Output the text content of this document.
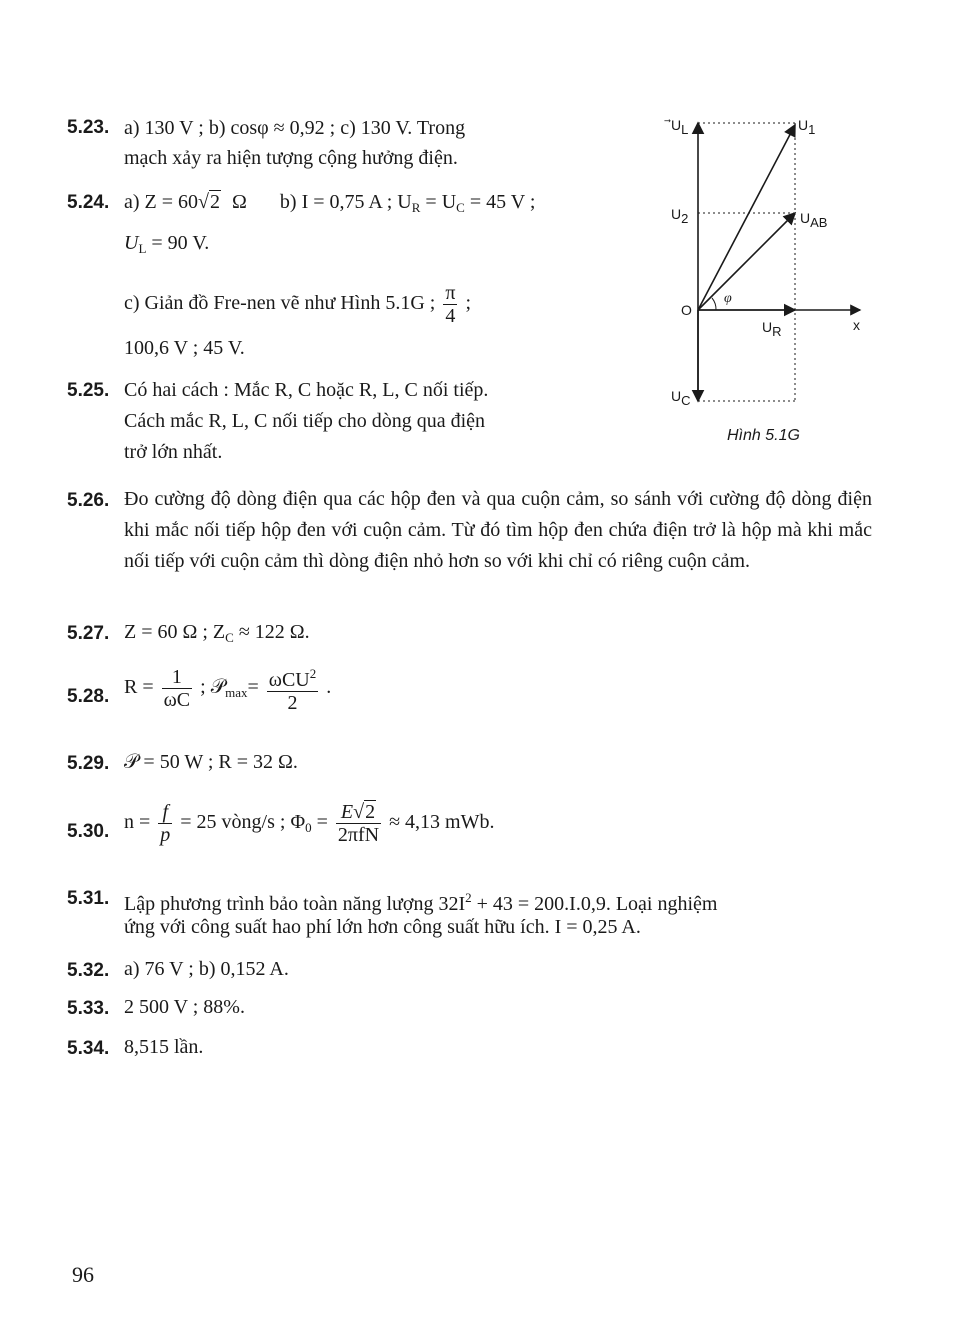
5.23. a) 130 V ; b) cosφ ≈ 0,92 ; c) 130 V. Trong
mạch xảy ra hiện tượng cộng hưởng điện.
5.24. a) Z = 60√2 Ω b) I = 0,75 A ; $U_R = U_C = 45$ V ;
$U_L = 90$ V.
c) Giản đồ Fre-nen vẽ như Hình 5.1G ; $\frac{\pi}{4}$ ;
100,6 V ; 45 V.
5.25. Có hai cách : Mắc R, C hoặc R, L, C nối tiếp.
Cách mắc R, L, C nối tiếp cho dòng qua điện
trở lớn nhất.
$U_L$	$U_1$
$U_2$	$U_{AB}$
O
φ
$U_R$	x
$U_C$
Hình 5.1G
5.26. Đo cường độ dòng điện qua các hộp đen và qua cuộn cảm, so sánh với cường độ dòng điện khi mắc nối tiếp hộp đen với cuộn cảm. Từ đó tìm hộp đen chứa điện trở là hộp mà khi mắc nối tiếp với cuộn cảm thì dòng điện nhỏ hơn so với khi chỉ có riêng cuộn cảm.
5.27. Z = 60 Ω ; $Z_C \approx 122$ Ω.
5.28. $R = \frac{1}{\omega C}$ ; 𝒫$_{max}$= $\frac{\omega CU^2}{2}$ .
5.29. 𝒫 = 50 W ; R = 32 Ω.
5.30. $n = \frac{f}{p} = 25$ vòng/s ; $\Phi_0 = \frac{E√2}{\text{2πfN}} \approx 4,13$ mWb.
5.31. Lập phương trình bảo toàn năng lượng $32I^2 + 43 = 200.I.0,9$. Loại nghiệm
ứng với công suất hao phí lớn hơn công suất hữu ích. I = 0,25 A.
5.32. a) 76 V ; b) 0,152 A.
5.33. 2 500 V ; 88%.
5.34. 8,515 lần.
96
